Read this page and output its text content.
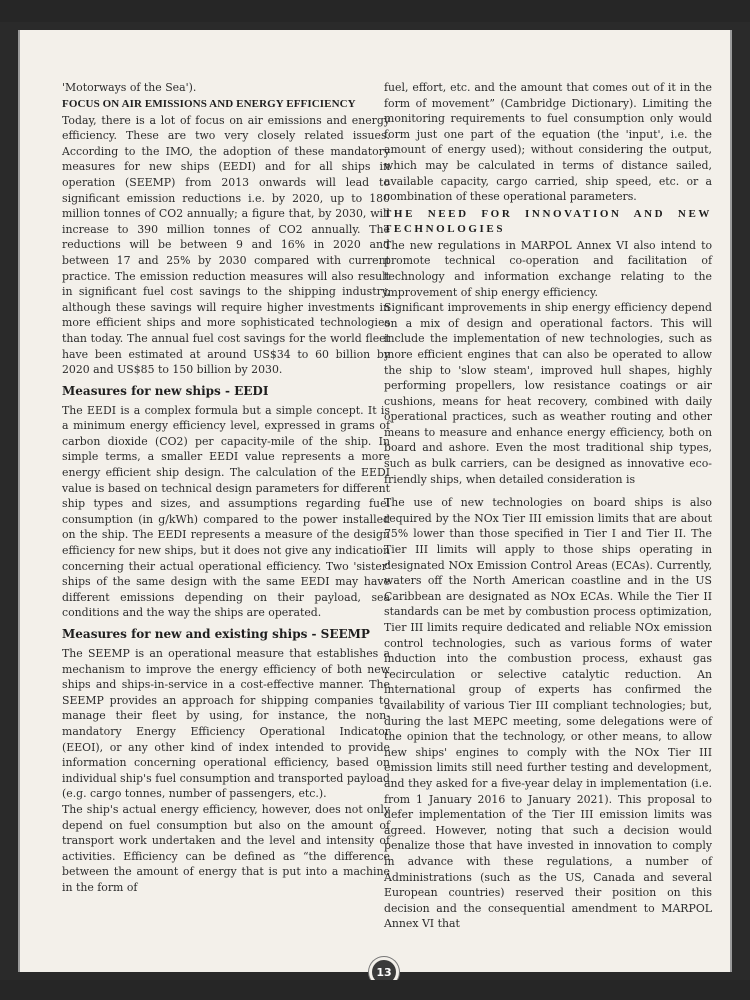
'Motorways of the Sea').

FOCUS ON AIR EMISSIONS AND ENERGY EFFICIENCY

Today, there is a lot of focus on air emissions and energy efficiency. These are two very closely related issues. According to the IMO, the adoption of these mandatory measures for new ships (EEDI) and for all ships in operation (SEEMP) from 2013 onwards will lead to significant emission reductions i.e. by 2020, up to 180 million tonnes of CO2 annually; a figure that, by 2030, will increase to 390 million tonnes of CO2 annually. The reductions will be between 9 and 16% in 2020 and between 17 and 25% by 2030 compared with current practice. The emission reduction measures will also result in significant fuel cost savings to the shipping industry, although these savings will require higher investments in more efficient ships and more sophisticated technologies than today. The annual fuel cost savings for the world fleet have been estimated at around US$34 to 60 billion by 2020 and US$85 to 150 billion by 2030.

Measures for new ships - EEDI

The EEDI is a complex formula but a simple concept. It is a minimum energy efficiency level, expressed in grams of carbon dioxide (CO2) per capacity-mile of the ship. In simple terms, a smaller EEDI value represents a more energy efficient ship design. The calculation of the EEDI value is based on technical design parameters for different ship types and sizes, and assumptions regarding fuel consumption (in g/kWh) compared to the power installed on the ship. The EEDI represents a measure of the design efficiency for new ships, but it does not give any indication concerning their actual operational efficiency. Two 'sister' ships of the same design with the same EEDI may have different emissions depending on their payload, sea conditions and the way the ships are operated.

Measures for new and existing ships - SEEMP

The SEEMP is an operational measure that establishes a mechanism to improve the energy efficiency of both new ships and ships-in-service in a cost-effective manner. The SEEMP provides an approach for shipping companies to manage their fleet by using, for instance, the non- mandatory Energy Efficiency Operational Indicator (EEOI), or any other kind of index intended to provide information concerning operational efficiency, based on individual ship's fuel consumption and transported payload (e.g. cargo tonnes, number of passengers, etc.).

The ship's actual energy efficiency, however, does not only depend on fuel consumption but also on the amount of transport work undertaken and the level and intensity of activities. Efficiency can be defined as “the difference between the amount of energy that is put into a machine in the form of

fuel, effort, etc. and the amount that comes out of it in the form of movement” (Cambridge Dictionary). Limiting the monitoring requirements to fuel consumption only would form just one part of the equation (the 'input', i.e. the amount of energy used); without considering the output, which may be calculated in terms of distance sailed, available capacity, cargo carried, ship speed, etc. or a combination of these operational parameters.

THE NEED FOR INNOVATION AND NEW TECHNOLOGIES

The new regulations in MARPOL Annex VI also intend to promote technical co-operation and facilitation of technology and information exchange relating to the improvement of ship energy efficiency.

Significant improvements in ship energy efficiency depend on a mix of design and operational factors. This will include the implementation of new technologies, such as more efficient engines that can also be operated to allow the ship to 'slow steam', improved hull shapes, highly performing propellers, low resistance coatings or air cushions, means for heat recovery, combined with daily operational practices, such as weather routing and other means to measure and enhance energy efficiency, both on board and ashore. Even the most traditional ship types, such as bulk carriers, can be designed as innovative eco-friendly ships, when detailed consideration is

The use of new technologies on board ships is also required by the NOx Tier III emission limits that are about 75% lower than those specified in Tier I and Tier II. The Tier III limits will apply to those ships operating in designated NOx Emission Control Areas (ECAs). Currently, waters off the North American coastline and in the US Caribbean are designated as NOx ECAs. While the Tier II standards can be met by combustion process optimization, Tier III limits require dedicated and reliable NOx emission control technologies, such as various forms of water induction into the combustion process, exhaust gas recirculation or selective catalytic reduction. An international group of experts has confirmed the availability of various Tier III compliant technologies; but, during the last MEPC meeting, some delegations were of the opinion that the technology, or other means, to allow new ships' engines to comply with the NOx Tier III emission limits still need further testing and development, and they asked for a five-year delay in implementation (i.e. from 1 January 2016 to January 2021). This proposal to defer implementation of the Tier III emission limits was agreed. However, noting that such a decision would penalize those that have invested in innovation to comply in advance with these regulations, a number of Administrations (such as the US, Canada and several European countries) reserved their position on this decision and the consequential amendment to MARPOL Annex VI that

13
